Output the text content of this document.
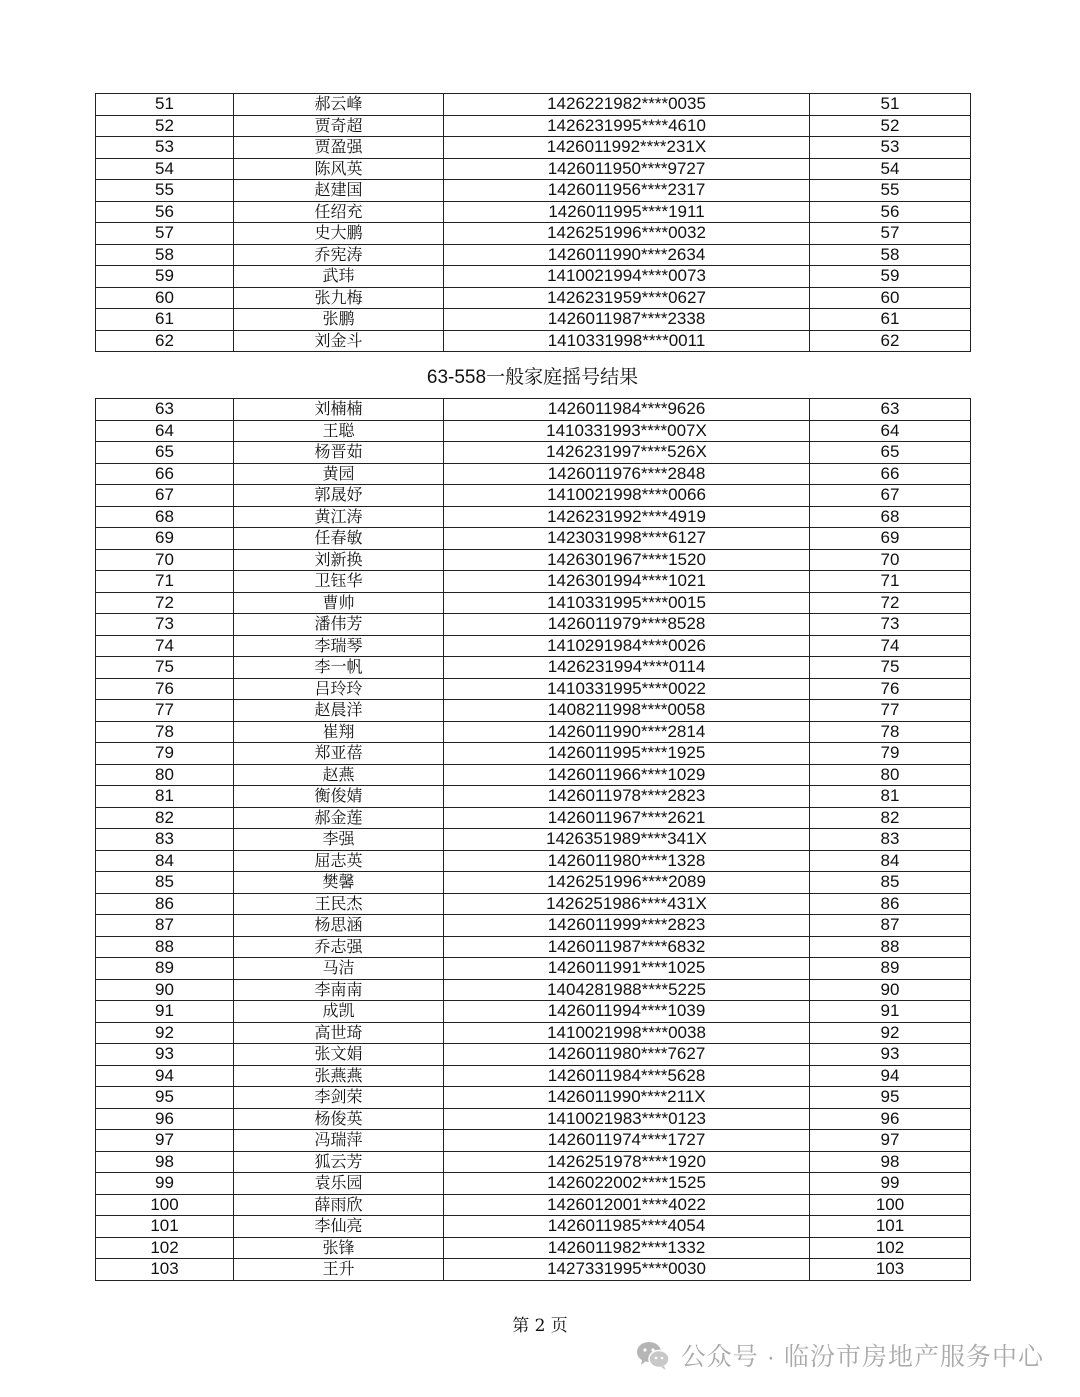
51	郝云峰	1426221982****0035	51
52	贾奇超	1426231995****4610	52
53	贾盈强	1426011992****231X	53
54	陈风英	1426011950****9727	54
55	赵建国	1426011956****2317	55
56	任绍充	1426011995****1911	56
57	史大鹏	1426251996****0032	57
58	乔宪涛	1426011990****2634	58
59	武玮	1410021994****0073	59
60	张九梅	1426231959****0627	60
61	张鹏	1426011987****2338	61
62	刘金斗	1410331998****0011	62
63-558一般家庭摇号结果
63	刘楠楠	1426011984****9626	63
64	王聪	1410331993****007X	64
65	杨晋茹	1426231997****526X	65
66	黄园	1426011976****2848	66
67	郭晟妤	1410021998****0066	67
68	黄江涛	1426231992****4919	68
69	任春敏	1423031998****6127	69
70	刘新换	1426301967****1520	70
71	卫钰华	1426301994****1021	71
72	曹帅	1410331995****0015	72
73	潘伟芳	1426011979****8528	73
74	李瑞琴	1410291984****0026	74
75	李一帆	1426231994****0114	75
76	吕玲玲	1410331995****0022	76
77	赵晨洋	1408211998****0058	77
78	崔翔	1426011990****2814	78
79	郑亚蓓	1426011995****1925	79
80	赵燕	1426011966****1029	80
81	衡俊婧	1426011978****2823	81
82	郝金莲	1426011967****2621	82
83	李强	1426351989****341X	83
84	屈志英	1426011980****1328	84
85	樊馨	1426251996****2089	85
86	王民杰	1426251986****431X	86
87	杨思涵	1426011999****2823	87
88	乔志强	1426011987****6832	88
89	马洁	1426011991****1025	89
90	李南南	1404281988****5225	90
91	成凯	1426011994****1039	91
92	高世琦	1410021998****0038	92
93	张文娟	1426011980****7627	93
94	张燕燕	1426011984****5628	94
95	李剑荣	1426011990****211X	95
96	杨俊英	1410021983****0123	96
97	冯瑞萍	1426011974****1727	97
98	狐云芳	1426251978****1920	98
99	袁乐园	1426022002****1525	99
100	薛雨欣	1426012001****4022	100
101	李仙亮	1426011985****4054	101
102	张锋	1426011982****1332	102
103	王升	1427331995****0030	103
第 2 页
公众号 · 临汾市房地产服务中心
